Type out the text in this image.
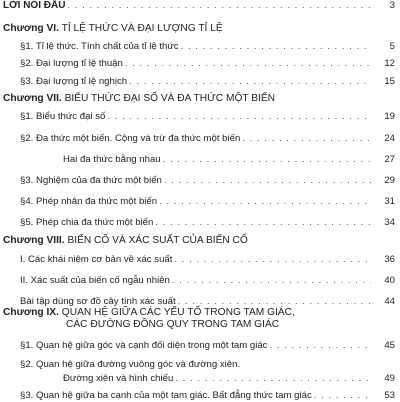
LỜI NÓI ĐẦU . . .	3
Chương VI. TỈ LỆ THỨC VÀ ĐẠI LƯỢNG TỈ LỆ
§1. Tỉ lệ thức. Tính chất của tỉ lệ thức . . .	5
§2. Đại lượng tỉ lệ thuận . . .	12
§3. Đại lượng tỉ lệ nghịch . . .	15
Chương VII. BIỂU THỨC ĐẠI SỐ VÀ ĐA THỨC MỘT BIẾN
§1. Biểu thức đại số . . .	19
§2. Đa thức một biến. Cộng và trừ đa thức một biến . . .	24
Hai đa thức bằng nhau . . .	27
§3. Nghiệm của đa thức một biến . . .	29
§4. Phép nhân đa thức một biến . . .	31
§5. Phép chia đa thức một biến . . .	34
Chương VIII. BIẾN CỐ VÀ XÁC SUẤT CỦA BIẾN CỐ
I. Các khái niệm cơ bản về xác suất . . .	36
II. Xác suất của biến cố ngẫu nhiên . . .	40
Bài tập dùng sơ đồ cây tính xác suất . . .	44
Chương IX. QUAN HỆ GIỮA CÁC YẾU TỐ TRONG TAM GIÁC,
CÁC ĐƯỜNG ĐỒNG QUY TRONG TAM GIÁC
§1. Quan hệ giữa góc và cạnh đối diện trong một tam giác . . .	45
§2. Quan hệ giữa đường vuông góc và đường xiên.
Đường xiên và hình chiếu . . .	49
§3. Quan hệ giữa ba cạnh của một tam giác. Bất đẳng thức tam giác . . .	53
